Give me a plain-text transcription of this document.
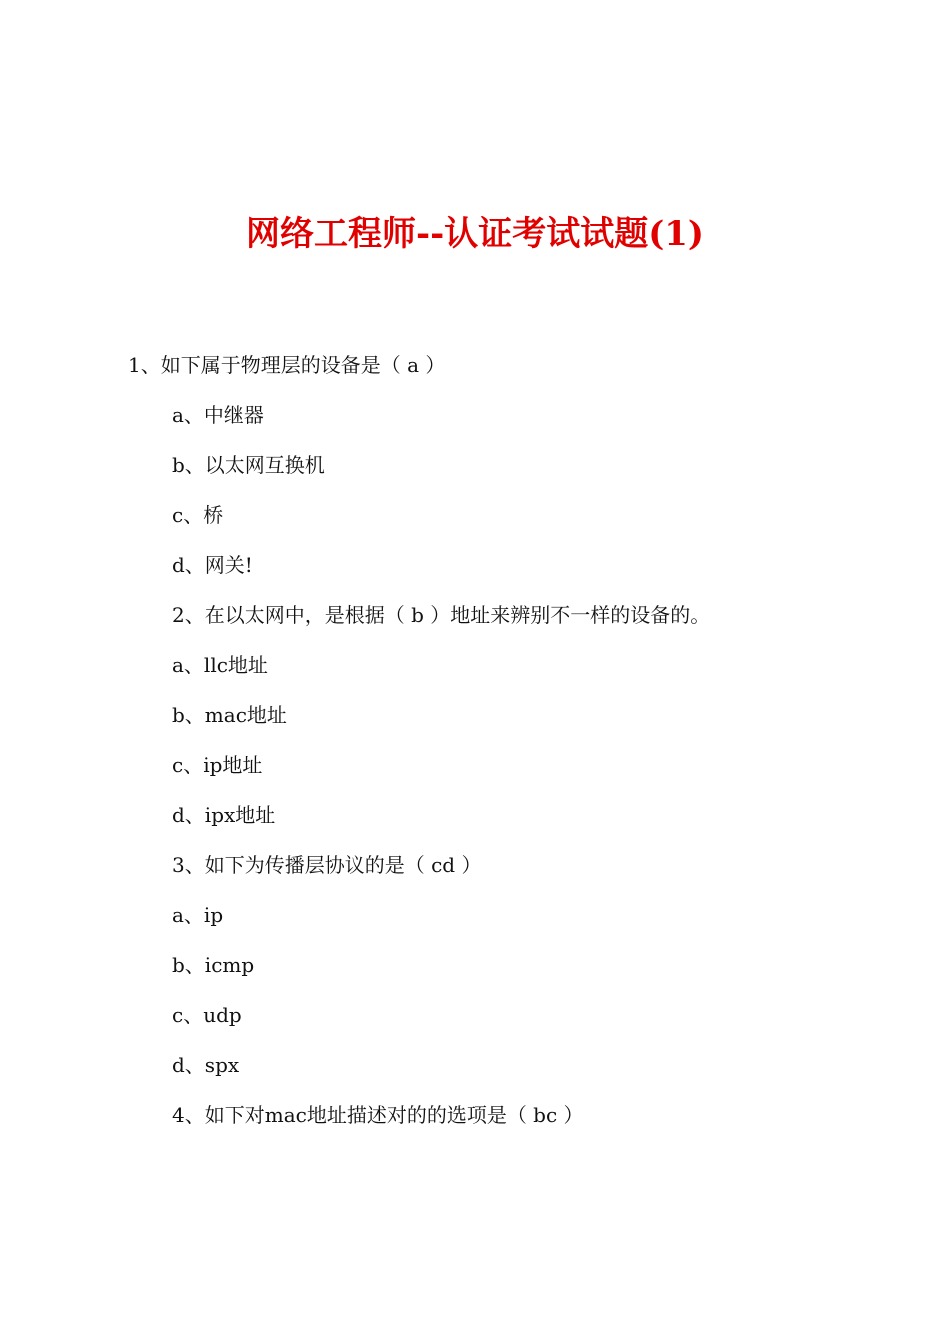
网络工程师--认证考试试题(1)
1、如下属于物理层的设备是（ a ）
a、中继器
b、以太网互换机
c、桥
d、网关!
2、在以太网中，是根据（ b ）地址来辨别不一样的设备的。
a、llc地址
b、mac地址
c、ip地址
d、ipx地址
3、如下为传播层协议的是（ cd ）
a、ip
b、icmp
c、udp
d、spx
4、如下对mac地址描述对的的选项是（ bc ）
